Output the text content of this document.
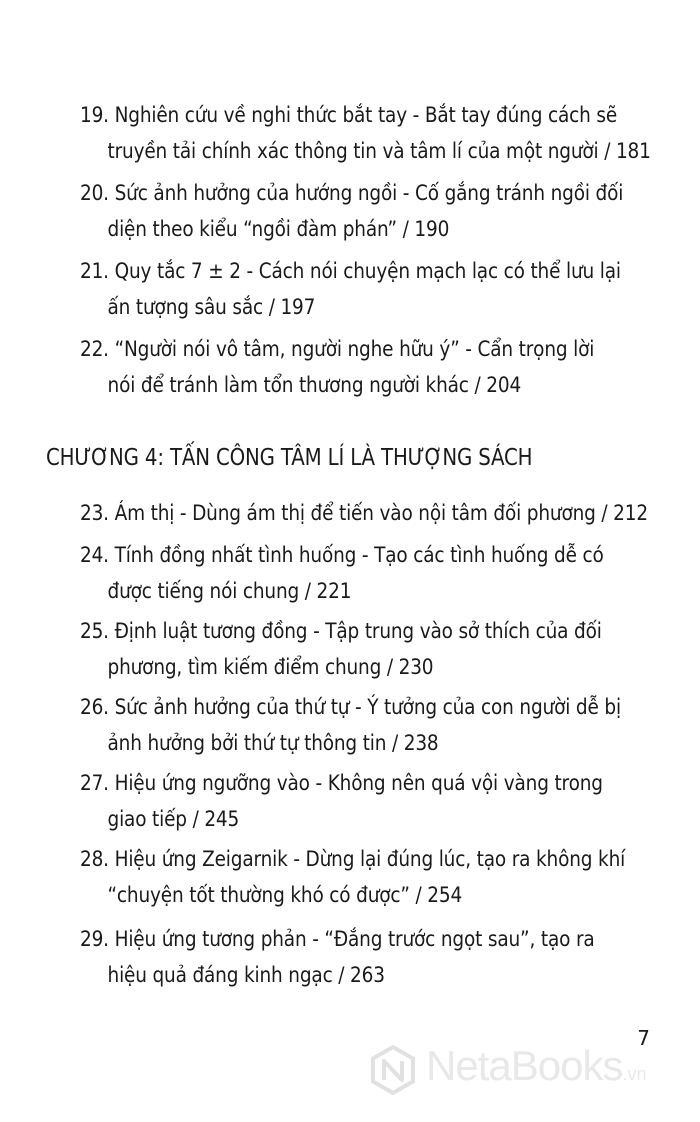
19. Nghiên cứu về nghi thức bắt tay - Bắt tay đúng cách sẽ
truyền tải chính xác thông tin và tâm lí của một người / 181
20. Sức ảnh hưởng của hướng ngồi - Cố gắng tránh ngồi đối
diện theo kiểu “ngồi đàm phán” / 190
21. Quy tắc 7 ± 2 - Cách nói chuyện mạch lạc có thể lưu lại
ấn tượng sâu sắc / 197
22. “Người nói vô tâm, người nghe hữu ý” - Cẩn trọng lời
nói để tránh làm tổn thương người khác / 204
CHƯƠNG 4: TẤN CÔNG TÂM LÍ LÀ THƯỢNG SÁCH
23. Ám thị - Dùng ám thị để tiến vào nội tâm đối phương / 212
24. Tính đồng nhất tình huống - Tạo các tình huống dễ có
được tiếng nói chung / 221
25. Định luật tương đồng - Tập trung vào sở thích của đối
phương, tìm kiếm điểm chung / 230
26. Sức ảnh hưởng của thứ tự - Ý tưởng của con người dễ bị
ảnh hưởng bởi thứ tự thông tin / 238
27. Hiệu ứng ngưỡng vào - Không nên quá vội vàng trong
giao tiếp / 245
28. Hiệu ứng Zeigarnik - Dừng lại đúng lúc, tạo ra không khí
“chuyện tốt thường khó có được” / 254
29. Hiệu ứng tương phản - “Đắng trước ngọt sau”, tạo ra
hiệu quả đáng kinh ngạc / 263
7
NetaBooks.vn
